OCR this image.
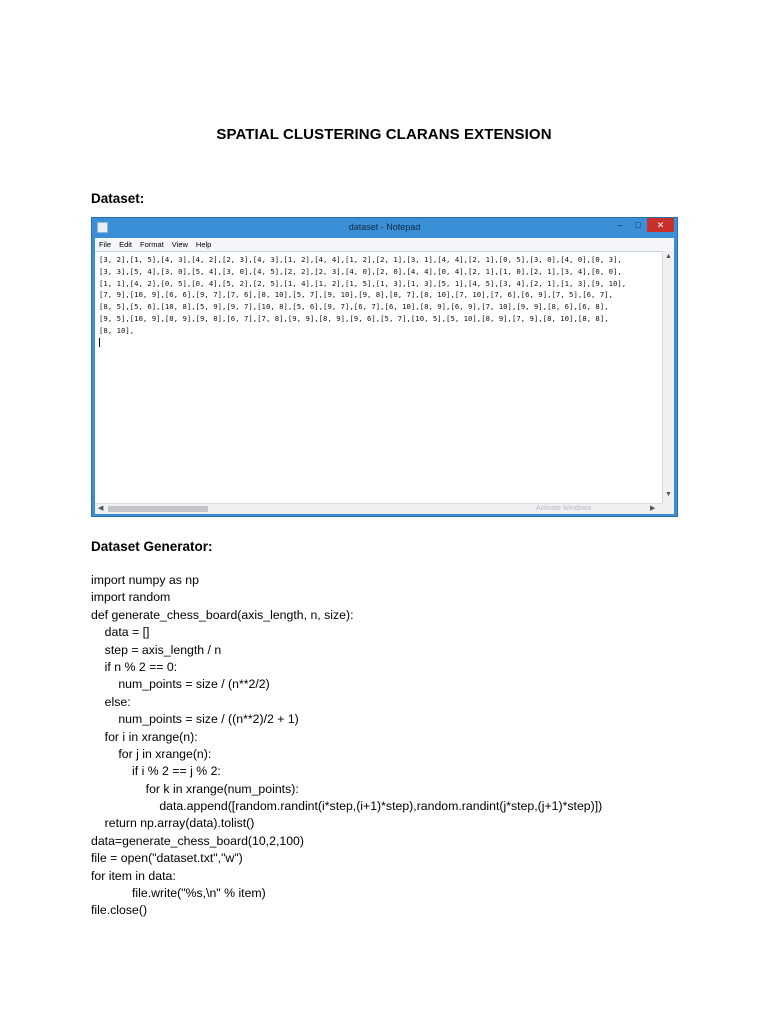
SPATIAL CLUSTERING CLARANS EXTENSION
Dataset:
dataset - Notepad	–	□	✕
File Edit Format View Help
[3, 2],[1, 5],[4, 3],[4, 2],[2, 3],[4, 3],[1, 2],[4, 4],[1, 2],[2, 1],[3, 1],[4, 4],[2, 1],[0, 5],[3, 0],[4, 0],[0, 3],
[3, 3],[5, 4],[3, 0],[5, 4],[3, 0],[4, 5],[2, 2],[2, 3],[4, 0],[2, 0],[4, 4],[0, 4],[2, 1],[1, 0],[2, 1],[3, 4],[0, 0],
[1, 1],[4, 2],[0, 5],[0, 4],[5, 2],[2, 5],[1, 4],[1, 2],[1, 5],[1, 3],[1, 3],[5, 1],[4, 5],[3, 4],[2, 1],[1, 3],[9, 10],
[7, 9],[10, 9],[6, 6],[9, 7],[7, 6],[8, 10],[5, 7],[9, 10],[9, 8],[8, 7],[8, 10],[7, 10],[7, 6],[6, 9],[7, 5],[6, 7],
[8, 5],[5, 6],[10, 8],[5, 9],[9, 7],[10, 8],[5, 6],[9, 7],[6, 7],[6, 10],[8, 9],[6, 9],[7, 10],[9, 9],[8, 6],[6, 8],
[9, 5],[10, 9],[8, 9],[9, 8],[6, 7],[7, 8],[9, 9],[8, 9],[9, 6],[5, 7],[10, 5],[5, 10],[8, 9],[7, 9],[8, 10],[8, 8],
[8, 10],

▲
▼
◀	▶
Activate Windows
Dataset Generator:
import numpy as np
import random
def generate_chess_board(axis_length, n, size):
data = []
step = axis_length / n
if n % 2 == 0:
num_points = size / (n**2/2)
else:
num_points = size / ((n**2)/2 + 1)
for i in xrange(n):
for j in xrange(n):
if i % 2 == j % 2:
for k in xrange(num_points):
data.append([random.randint(i*step,(i+1)*step),random.randint(j*step,(j+1)*step)])
return np.array(data).tolist()
data=generate_chess_board(10,2,100)
file = open("dataset.txt","w")
for item in data:
file.write("%s,\n" % item)
file.close()
